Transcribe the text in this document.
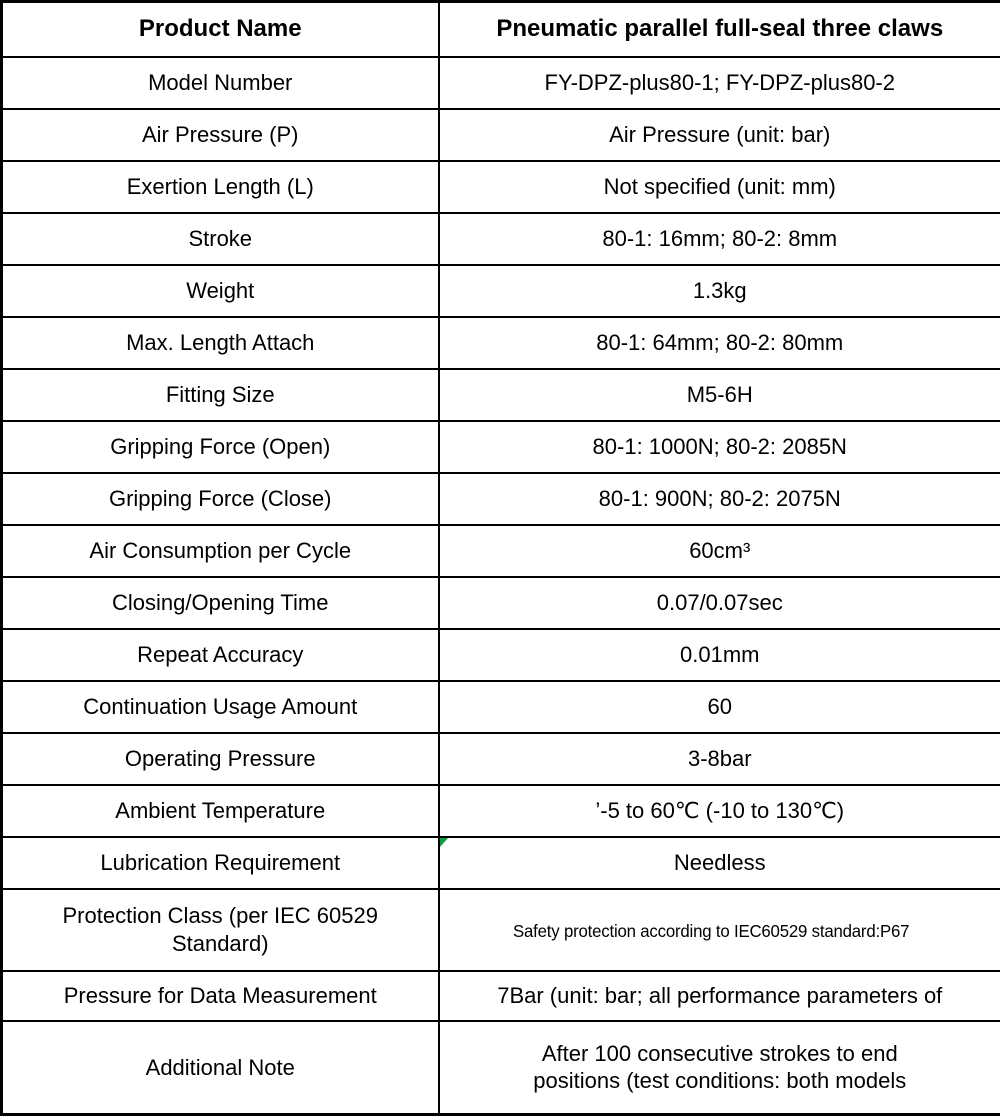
Product Name	Pneumatic parallel full-seal three claws
Model Number	FY-DPZ-plus80-1; FY-DPZ-plus80-2
Air Pressure (P)	Air Pressure (unit: bar)
Exertion Length (L)	Not specified (unit: mm)
Stroke	80-1: 16mm; 80-2: 8mm
Weight	1.3kg
Max. Length Attach	80-1: 64mm; 80-2: 80mm
Fitting Size	M5-6H
Gripping Force (Open)	80-1: 1000N; 80-2: 2085N
Gripping Force (Close)	80-1: 900N; 80-2: 2075N
Air Consumption per Cycle	60cm³
Closing/Opening Time	0.07/0.07sec
Repeat Accuracy	0.01mm
Continuation Usage Amount	60
Operating Pressure	3-8bar
Ambient Temperature	’-5 to 60℃ (-10 to 130℃)
Lubrication Requirement	Needless

Protection Class (per IEC 60529
Standard)	Safety protection according to IEC60529 standard:P67
Pressure for Data Measurement	7Bar (unit: bar; all performance parameters of
Additional Note	After 100 consecutive strokes to end
positions (test conditions: both models
